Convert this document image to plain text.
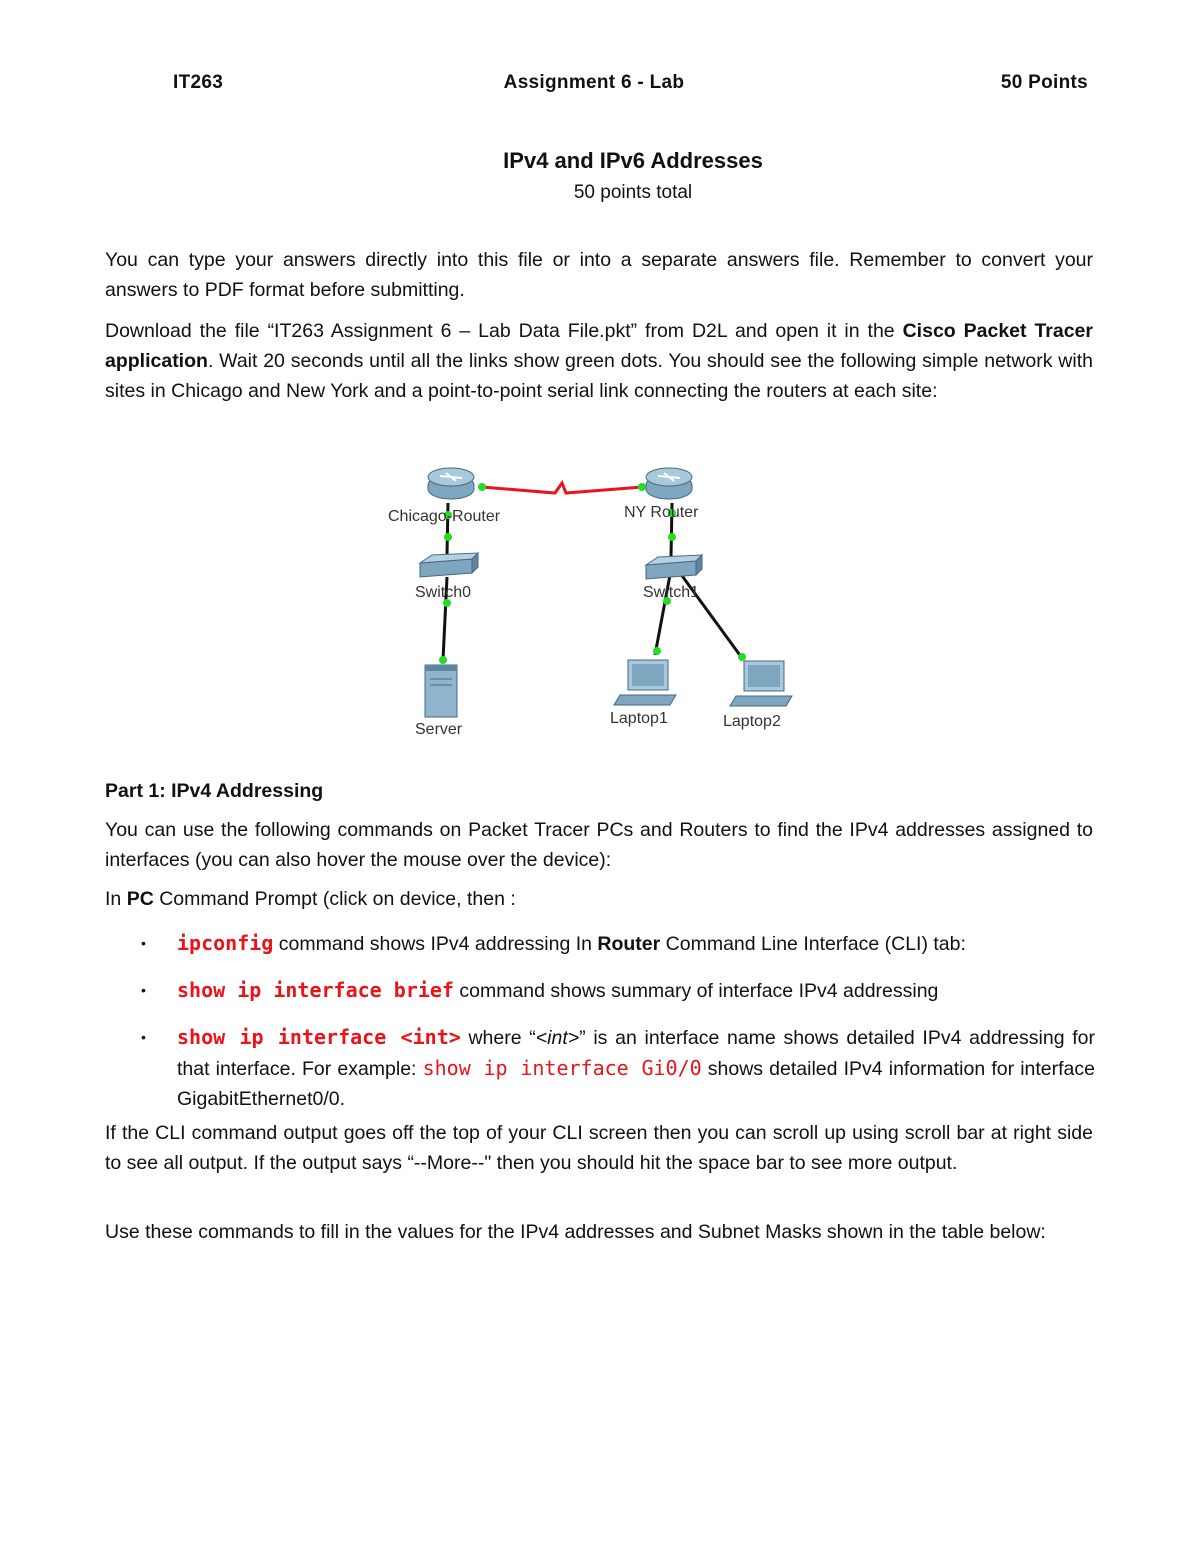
IT263	Assignment 6 - Lab	50 Points
IPv4 and IPv6 Addresses
50 points total
You can type your answers directly into this file or into a separate answers file. Remember to convert your answers to PDF format before submitting.
Download the file “IT263 Assignment 6 – Lab Data File.pkt” from D2L and open it in the Cisco Packet Tracer application. Wait 20 seconds until all the links show green dots. You should see the following simple network with sites in Chicago and New York and a point-to-point serial link connecting the routers at each site:
Chicago-Router	NY Router
Switch0	Switch1
Server
Laptop1	Laptop2
Part 1: IPv4 Addressing
You can use the following commands on Packet Tracer PCs and Routers to find the IPv4 addresses assigned to interfaces (you can also hover the mouse over the device):
In PC Command Prompt (click on device, then :
• ipconfig command shows IPv4 addressing In Router Command Line Interface (CLI) tab:
• show ip interface brief command shows summary of interface IPv4 addressing
• show ip interface <int> where “<int>” is an interface name shows detailed IPv4 addressing for that interface. For example: show ip interface Gi0/0 shows detailed IPv4 information for interface GigabitEthernet0/0.
If the CLI command output goes off the top of your CLI screen then you can scroll up using scroll bar at right side to see all output. If the output says “--More--" then you should hit the space bar to see more output.
Use these commands to fill in the values for the IPv4 addresses and Subnet Masks shown in the table below:
